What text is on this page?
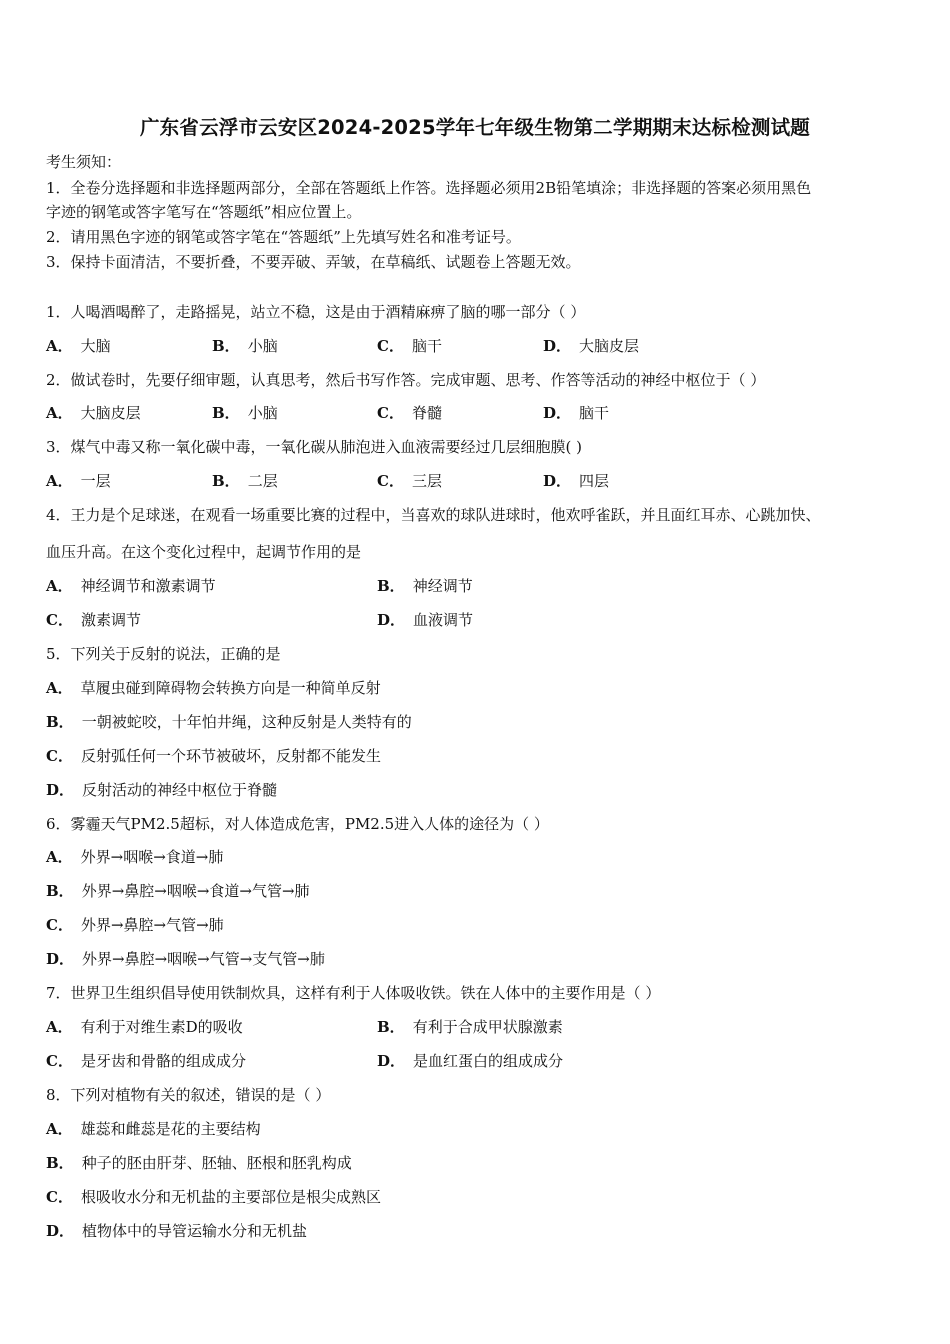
广东省云浮市云安区2024-2025学年七年级生物第二学期期末达标检测试题
考生须知：
1．全卷分选择题和非选择题两部分，全部在答题纸上作答。选择题必须用2B铅笔填涂；非选择题的答案必须用黑色
字迹的钢笔或答字笔写在“答题纸”相应位置上。
2．请用黑色字迹的钢笔或答字笔在“答题纸”上先填写姓名和准考证号。
3．保持卡面清洁，不要折叠，不要弄破、弄皱，在草稿纸、试题卷上答题无效。
1．人喝酒喝醉了，走路摇晃，站立不稳，这是由于酒精麻痹了脑的哪一部分（ ）
A． 大脑	B． 小脑	C． 脑干	D． 大脑皮层
2．做试卷时，先要仔细审题，认真思考，然后书写作答。完成审题、思考、作答等活动的神经中枢位于（ ）
A． 大脑皮层	B． 小脑	C． 脊髓	D． 脑干
3．煤气中毒又称一氧化碳中毒，一氧化碳从肺泡进入血液需要经过几层细胞膜( )
A． 一层	B． 二层	C． 三层	D． 四层
4．王力是个足球迷，在观看一场重要比赛的过程中，当喜欢的球队进球时，他欢呼雀跃，并且面红耳赤、心跳加快、
血压升高。在这个变化过程中，起调节作用的是
A． 神经调节和激素调节	B． 神经调节
C． 激素调节	D． 血液调节
5．下列关于反射的说法，正确的是
A． 草履虫碰到障碍物会转换方向是一种简单反射
B． 一朝被蛇咬，十年怕井绳，这种反射是人类特有的
C． 反射弧任何一个环节被破坏，反射都不能发生
D． 反射活动的神经中枢位于脊髓
6．雾霾天气PM2.5超标，对人体造成危害，PM2.5进入人体的途径为（ ）
A． 外界→咽喉→食道→肺
B． 外界→鼻腔→咽喉→食道→气管→肺
C． 外界→鼻腔→气管→肺
D． 外界→鼻腔→咽喉→气管→支气管→肺
7．世界卫生组织倡导使用铁制炊具，这样有利于人体吸收铁。铁在人体中的主要作用是（ ）
A． 有利于对维生素D的吸收	B． 有利于合成甲状腺激素
C． 是牙齿和骨骼的组成成分	D． 是血红蛋白的组成成分
8．下列对植物有关的叙述，错误的是（ ）
A． 雄蕊和雌蕊是花的主要结构
B． 种子的胚由肝芽、胚轴、胚根和胚乳构成
C． 根吸收水分和无机盐的主要部位是根尖成熟区
D． 植物体中的导管运输水分和无机盐
